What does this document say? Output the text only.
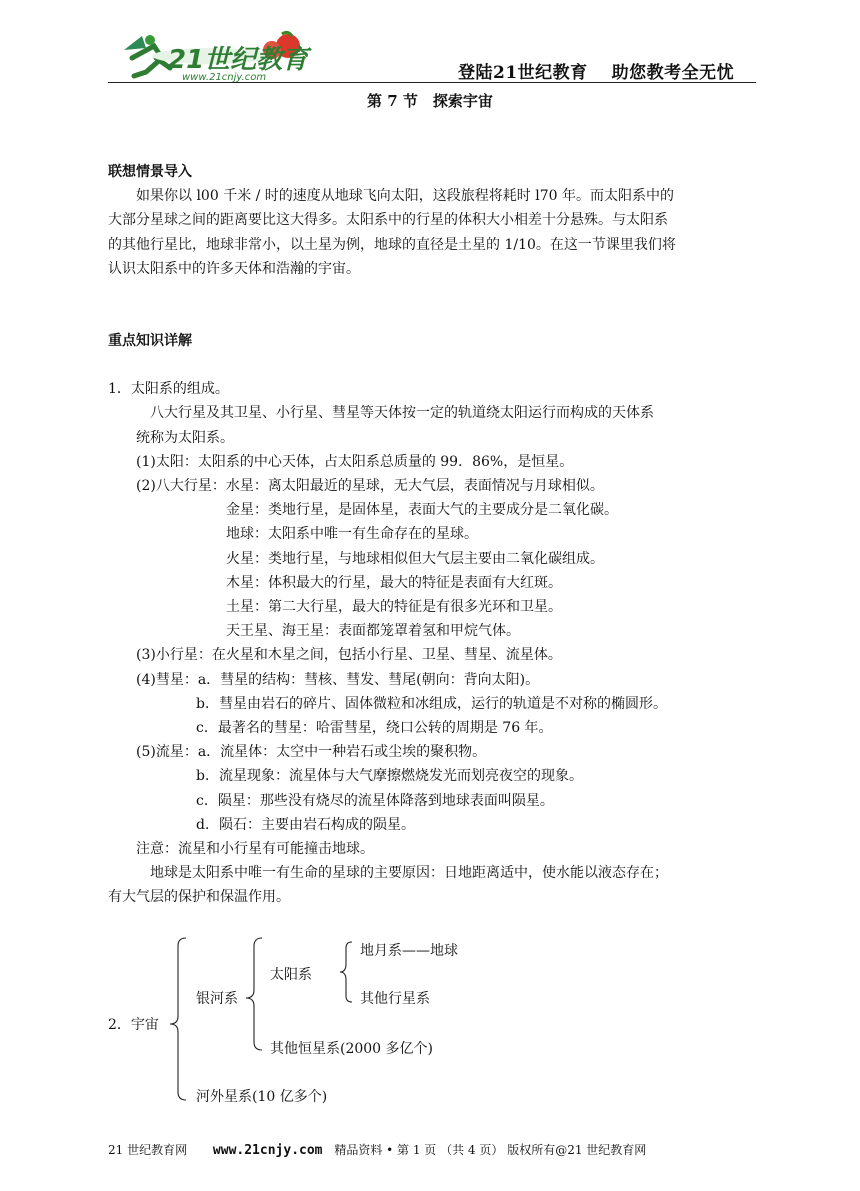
21世纪教育
www.21cnjy.com	登陆21世纪教育　 助您教考全无忧
第 7 节　探索宇宙

联想情景导入

如果你以 l00 千米 / 时的速度从地球飞向太阳，这段旅程将耗时 l70 年。而太阳系中的

大部分星球之间的距离要比这大得多。太阳系中的行星的体积大小相差十分悬殊。与太阳系

的其他行星比，地球非常小，以土星为例，地球的直径是土星的 1/10。在这一节课里我们将

认识太阳系中的许多天体和浩瀚的宇宙。

重点知识详解

1．太阳系的组成。

八大行星及其卫星、小行星、彗星等天体按一定的轨道绕太阳运行而构成的天体系

统称为太阳系。

(1)太阳：太阳系的中心天体，占太阳系总质量的 99．86%，是恒星。

(2)八大行星：水星：离太阳最近的星球，无大气层，表面情况与月球相似。

金星：类地行星，是固体星，表面大气的主要成分是二氧化碳。

地球：太阳系中唯一有生命存在的星球。

火星：类地行星，与地球相似但大气层主要由二氧化碳组成。

木星：体积最大的行星，最大的特征是表面有大红斑。

土星：第二大行星，最大的特征是有很多光环和卫星。

天王星、海王星：表面都笼罩着氢和甲烷气体。

(3)小行星：在火星和木星之间，包括小行星、卫星、彗星、流星体。

(4)彗星：a．彗星的结构：彗核、彗发、彗尾(朝向：背向太阳)。

b．彗星由岩石的碎片、固体微粒和冰组成，运行的轨道是不对称的椭圆形。

c．最著名的彗星：哈雷彗星，绕口公转的周期是 76 年。

(5)流星：a．流星体：太空中一种岩石或尘埃的聚积物。

b．流星现象：流星体与大气摩擦燃烧发光而划亮夜空的现象。

c．陨星：那些没有烧尽的流星体降落到地球表面叫陨星。

d．陨石：主要由岩石构成的陨星。

注意：流星和小行星有可能撞击地球。

地球是太阳系中唯一有生命的星球的主要原因：日地距离适中，使水能以液态存在；

有大气层的保护和保温作用。

2．宇宙
银河系
太阳系
地月系——地球
其他行星系
其他恒星系(2000 多亿个)
河外星系(10 亿多个)
21 世纪教育网 www.21cnjy.com 精品资料 • 第 1 页 （共 4 页） 版权所有@21 世纪教育网
